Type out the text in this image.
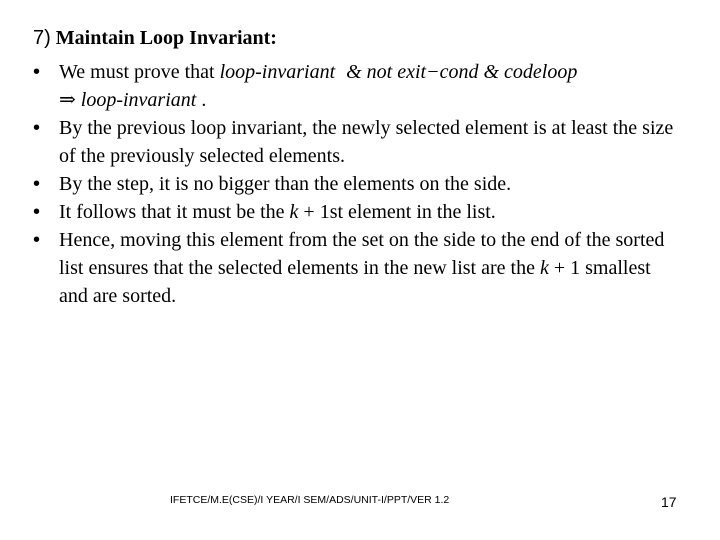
7) Maintain Loop Invariant:
• We must prove that loop-invariant & not exit−cond & codeloop
⇒ loop-invariant .
• By the previous loop invariant, the newly selected element is at least the size of the previously selected elements.
• By the step, it is no bigger than the elements on the side.
• It follows that it must be the k + 1st element in the list.
• Hence, moving this element from the set on the side to the end of the sorted list ensures that the selected elements in the new list are the k + 1 smallest and are sorted.
IFETCE/M.E(CSE)/I YEAR/I SEM/ADS/UNIT-I/PPT/VER 1.2	17
